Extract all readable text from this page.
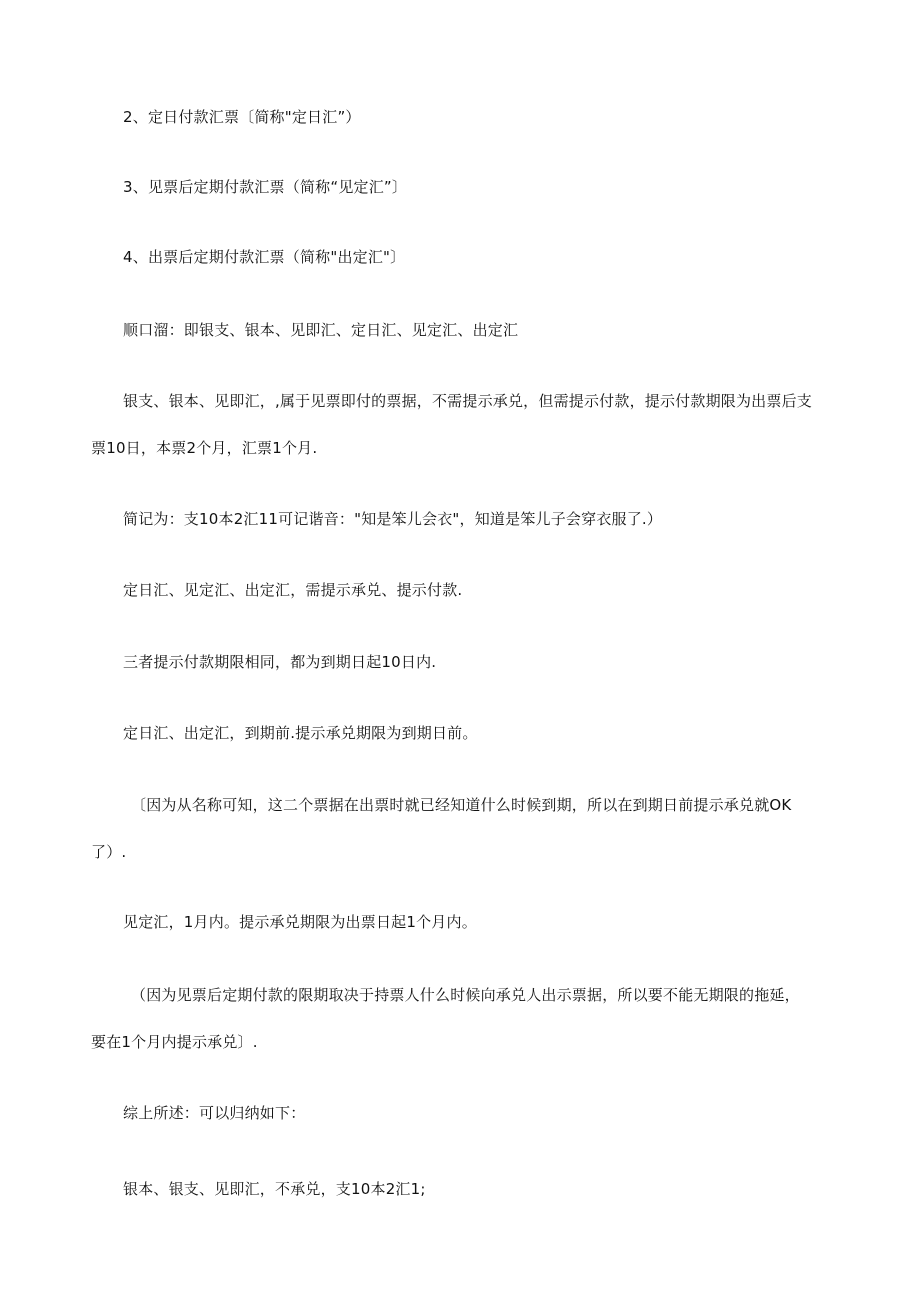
2、定日付款汇票〔简称"定日汇”）
3、见票后定期付款汇票（简称“见定汇”〕
4、出票后定期付款汇票（简称"出定汇"〕
顺口溜：即银支、银本、见即汇、定日汇、见定汇、出定汇
银支、银本、见即汇，,属于见票即付的票据，不需提示承兑，但需提示付款，提示付款期限为出票后支
票10日，本票2个月，汇票1个月.
简记为：支10本2汇11可记谐音："知是笨儿会衣"，知道是笨儿子会穿衣服了.）
定日汇、见定汇、出定汇，需提示承兑、提示付款.
三者提示付款期限相同，都为到期日起10日内.
定日汇、出定汇，到期前.提示承兑期限为到期日前。
〔因为从名称可知，这二个票据在出票时就已经知道什么时候到期，所以在到期日前提示承兑就OK
了）.
见定汇，1月内。提示承兑期限为出票日起1个月内。
（因为见票后定期付款的限期取决于持票人什么时候向承兑人出示票据，所以要不能无期限的拖延，
要在1个月内提示承兑〕.
综上所述：可以归纳如下：
银本、银支、见即汇，不承兑，支10本2汇1;
